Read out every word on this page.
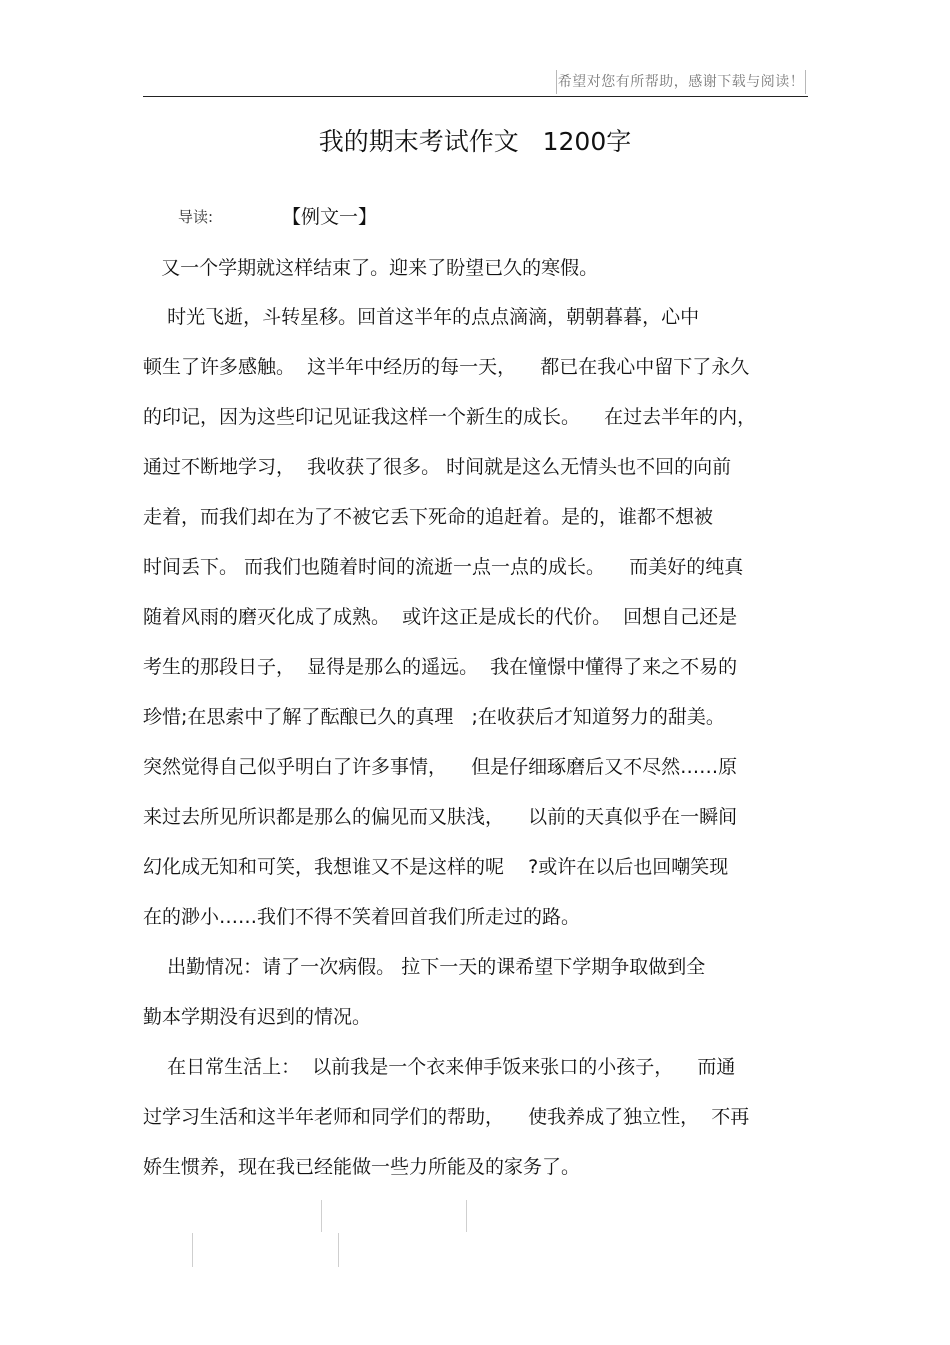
希望对您有所帮助，感谢下载与阅读！
我的期末考试作文   1200字
导读:	【例文一】
又一个学期就这样结束了。迎来了盼望已久的寒假。
时光飞逝，斗转星移。回首这半年的点点滴滴，朝朝暮暮，心中
顿生了许多感触。  这半年中经历的每一天，    都已在我心中留下了永久
的印记，因为这些印记见证我这样一个新生的成长。    在过去半年的内，
通过不断地学习，  我收获了很多。 时间就是这么无情头也不回的向前
走着，而我们却在为了不被它丢下死命的追赶着。是的，谁都不想被
时间丢下。 而我们也随着时间的流逝一点一点的成长。    而美好的纯真
随着风雨的磨灭化成了成熟。  或许这正是成长的代价。  回想自己还是
考生的那段日子，  显得是那么的遥远。  我在憧憬中懂得了来之不易的
珍惜;在思索中了解了酝酿已久的真理   ;在收获后才知道努力的甜美。
突然觉得自己似乎明白了许多事情，    但是仔细琢磨后又不尽然……原
来过去所见所识都是那么的偏见而又肤浅，    以前的天真似乎在一瞬间
幻化成无知和可笑，我想谁又不是这样的呢    ?或许在以后也回嘲笑现
在的渺小……我们不得不笑着回首我们所走过的路。
出勤情况：请了一次病假。 拉下一天的课希望下学期争取做到全
勤本学期没有迟到的情况。
在日常生活上：  以前我是一个衣来伸手饭来张口的小孩子，    而通
过学习生活和这半年老师和同学们的帮助，    使我养成了独立性，  不再
娇生惯养，现在我已经能做一些力所能及的家务了。
